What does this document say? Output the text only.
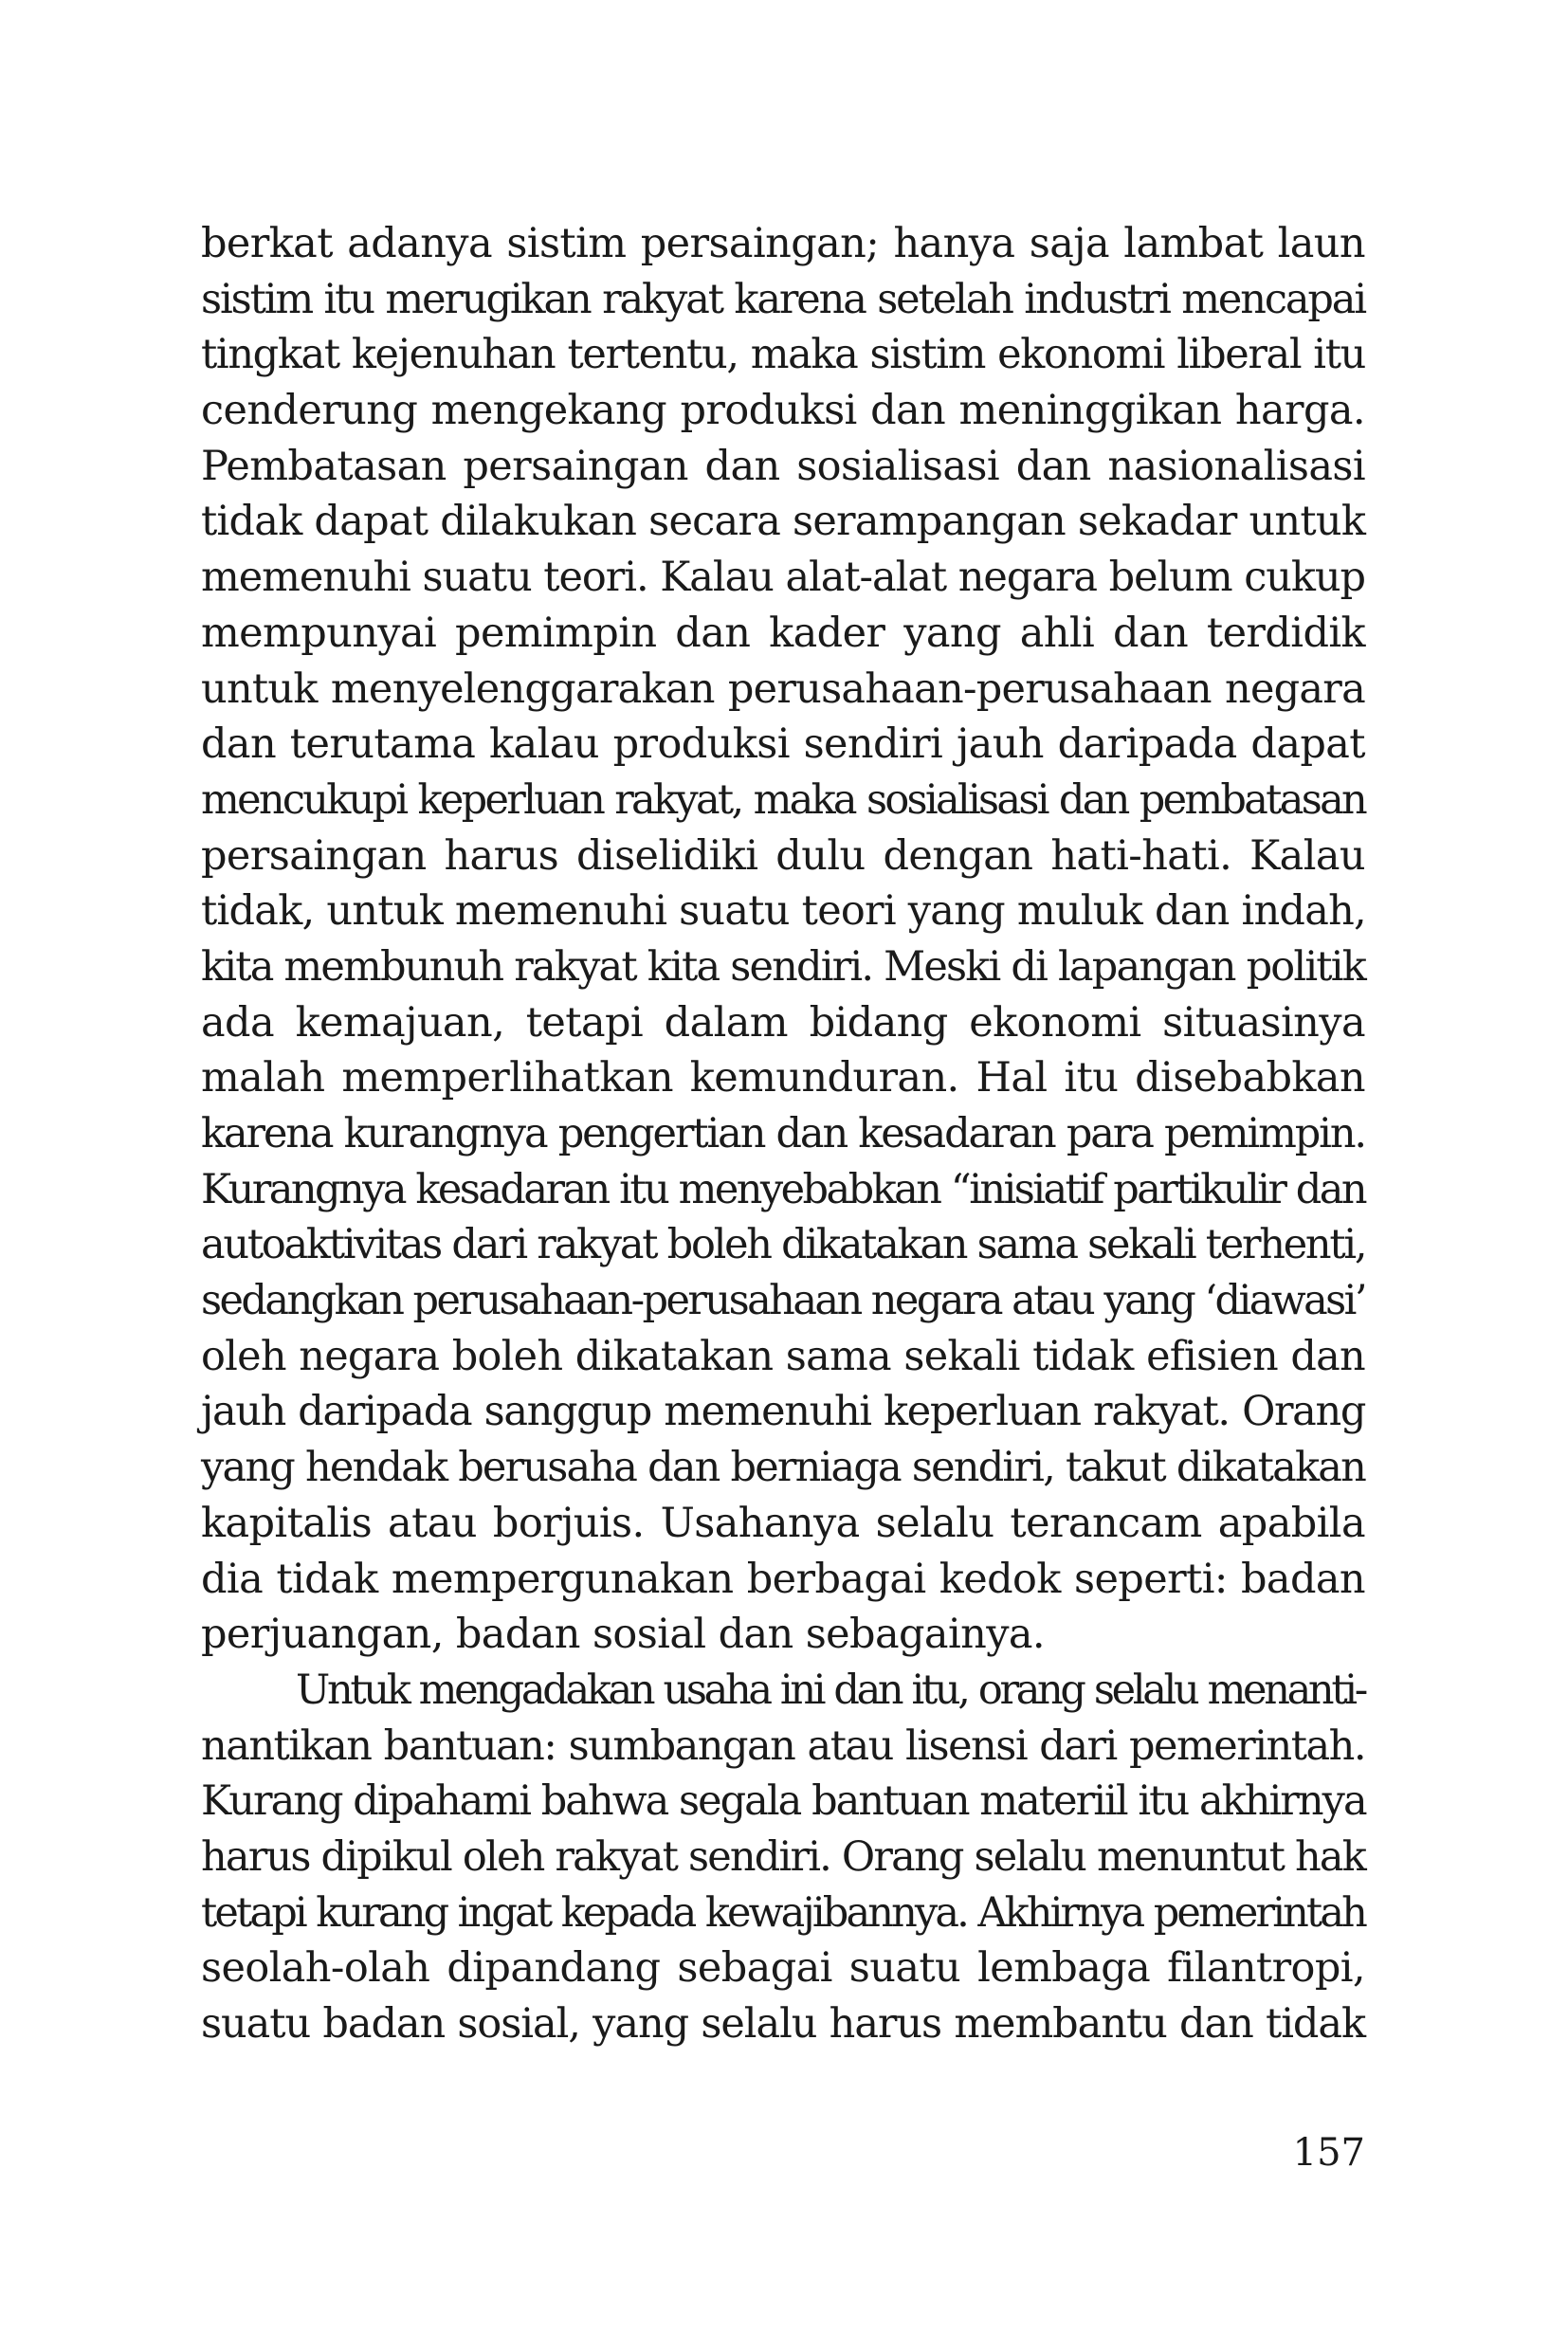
berkat adanya sistim persaingan; hanya saja lambat laun
sistim itu merugikan rakyat karena setelah industri mencapai
tingkat kejenuhan tertentu, maka sistim ekonomi liberal itu
cenderung mengekang produksi dan meninggikan harga.
Pembatasan persaingan dan sosialisasi dan nasionalisasi
tidak dapat dilakukan secara serampangan sekadar untuk
memenuhi suatu teori. Kalau alat-alat negara belum cukup
mempunyai pemimpin dan kader yang ahli dan terdidik
untuk menyelenggarakan perusahaan-perusahaan negara
dan terutama kalau produksi sendiri jauh daripada dapat
mencukupi keperluan rakyat, maka sosialisasi dan pembatasan
persaingan harus diselidiki dulu dengan hati-hati. Kalau
tidak, untuk memenuhi suatu teori yang muluk dan indah,
kita membunuh rakyat kita sendiri. Meski di lapangan politik
ada kemajuan, tetapi dalam bidang ekonomi situasinya
malah memperlihatkan kemunduran. Hal itu disebabkan
karena kurangnya pengertian dan kesadaran para pemimpin.
Kurangnya kesadaran itu menyebabkan “inisiatif partikulir dan
autoaktivitas dari rakyat boleh dikatakan sama sekali terhenti,
sedangkan perusahaan-perusahaan negara atau yang ‘diawasi’
oleh negara boleh dikatakan sama sekali tidak efisien dan
jauh daripada sanggup memenuhi keperluan rakyat. Orang
yang hendak berusaha dan berniaga sendiri, takut dikatakan
kapitalis atau borjuis. Usahanya selalu terancam apabila
dia tidak mempergunakan berbagai kedok seperti: badan
perjuangan, badan sosial dan sebagainya.
Untuk mengadakan usaha ini dan itu, orang selalu menanti-
nantikan bantuan: sumbangan atau lisensi dari pemerintah.
Kurang dipahami bahwa segala bantuan materiil itu akhirnya
harus dipikul oleh rakyat sendiri. Orang selalu menuntut hak
tetapi kurang ingat kepada kewajibannya. Akhirnya pemerintah
seolah-olah dipandang sebagai suatu lembaga filantropi,
suatu badan sosial, yang selalu harus membantu dan tidak
157
